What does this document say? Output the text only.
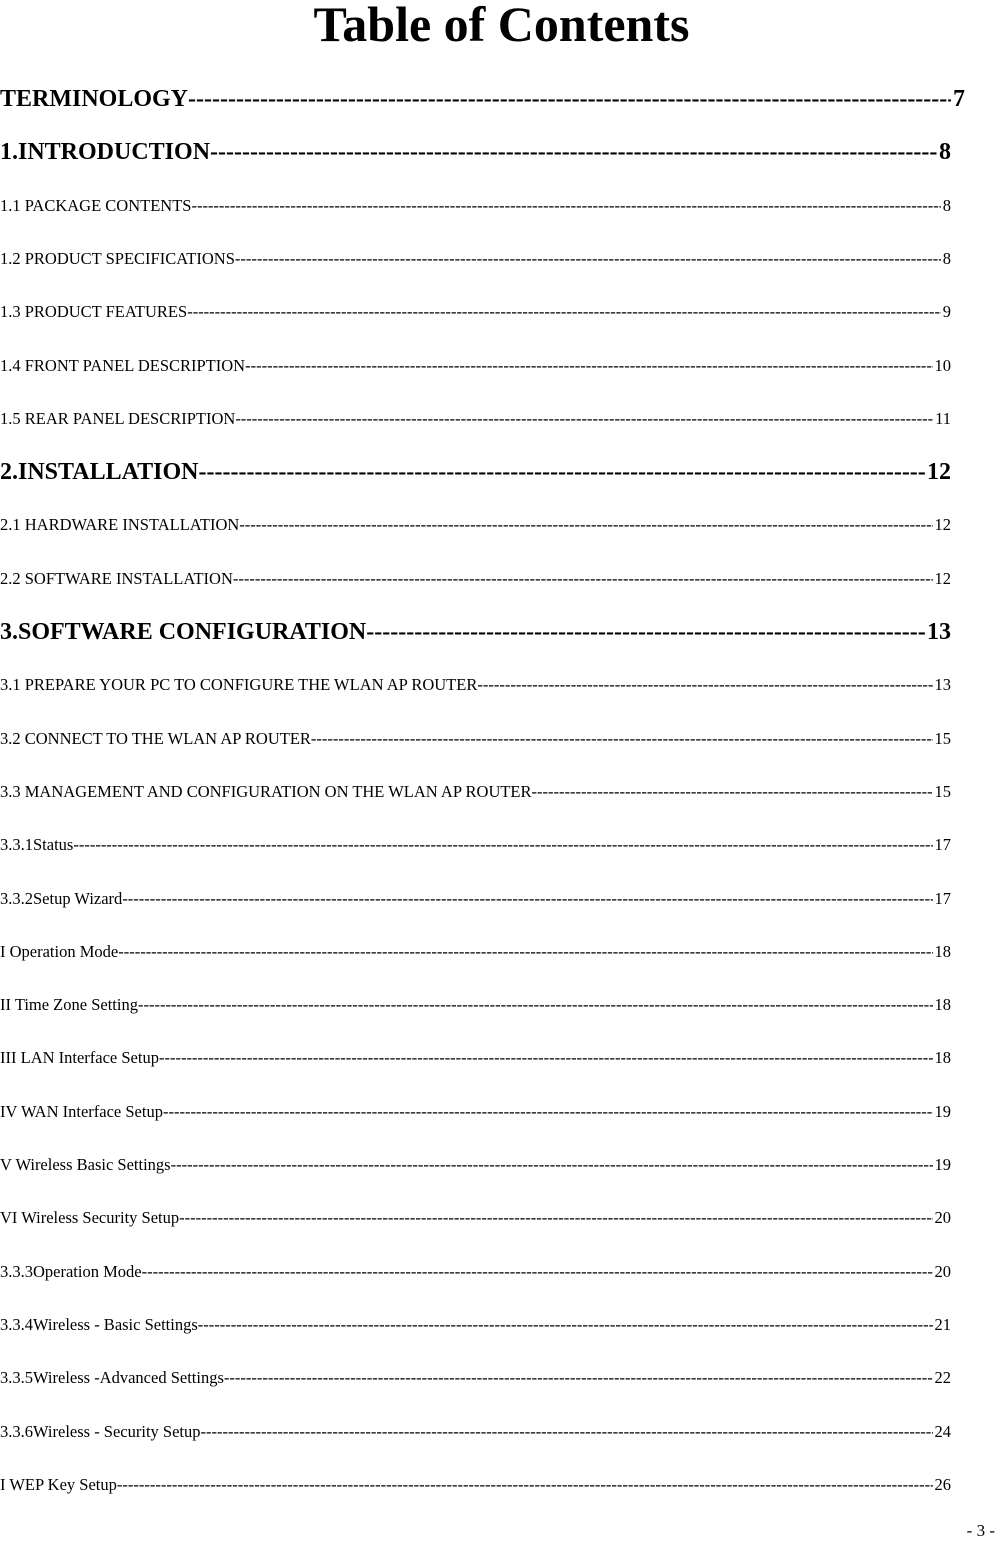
Table of Contents
TERMINOLOGY -----	7
1.INTRODUCTION -----	8
1.1 PACKAGE CONTENTS -----	8
1.2 PRODUCT SPECIFICATIONS -----	8
1.3 PRODUCT FEATURES -----	9
1.4 FRONT PANEL DESCRIPTION -----	10
1.5 REAR PANEL DESCRIPTION -----	11
2.INSTALLATION -----	12
2.1 HARDWARE INSTALLATION -----	12
2.2 SOFTWARE INSTALLATION -----	12
3.SOFTWARE CONFIGURATION -----	13
3.1 PREPARE YOUR PC TO CONFIGURE THE WLAN AP ROUTER -----	13
3.2 CONNECT TO THE WLAN AP ROUTER -----	15
3.3 MANAGEMENT AND CONFIGURATION ON THE WLAN AP ROUTER -----	15
3.3.1Status -----	17
3.3.2Setup Wizard -----	17
I Operation Mode -----	18
II Time Zone Setting -----	18
III LAN Interface Setup -----	18
IV WAN Interface Setup -----	19
V Wireless Basic Settings -----	19
VI Wireless Security Setup -----	20
3.3.3Operation Mode -----	20
3.3.4Wireless - Basic Settings -----	21
3.3.5Wireless -Advanced Settings -----	22
3.3.6Wireless - Security Setup -----	24
I WEP Key Setup -----	26
- 3 -
